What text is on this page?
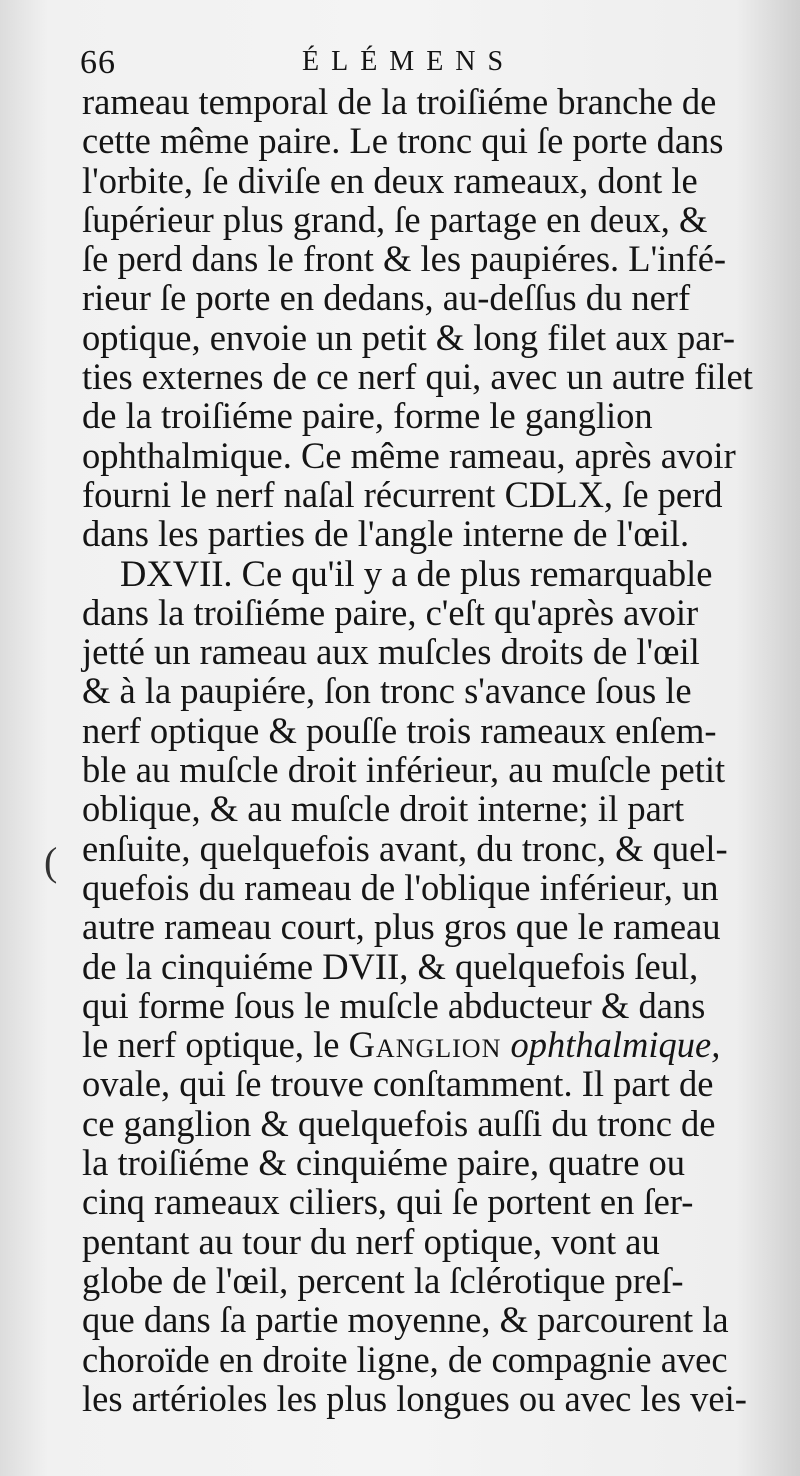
66	ÉLÉMENS
(
rameau temporal de la troiſiéme branche de
cette même paire. Le tronc qui ſe porte dans
l'orbite, ſe diviſe en deux rameaux, dont le
ſupérieur plus grand, ſe partage en deux, &
ſe perd dans le front & les paupiéres. L'infé-
rieur ſe porte en dedans, au-deſſus du nerf
optique, envoie un petit & long filet aux par-
ties externes de ce nerf qui, avec un autre filet
de la troiſiéme paire, forme le ganglion
ophthalmique. Ce même rameau, après avoir
fourni le nerf naſal récurrent CDLX, ſe perd
dans les parties de l'angle interne de l'œil.
DXVII. Ce qu'il y a de plus remarquable
dans la troiſiéme paire, c'eſt qu'après avoir
jetté un rameau aux muſcles droits de l'œil
& à la paupiére, ſon tronc s'avance ſous le
nerf optique & pouſſe trois rameaux enſem-
ble au muſcle droit inférieur, au muſcle petit
oblique, & au muſcle droit interne; il part
enſuite, quelquefois avant, du tronc, & quel-
quefois du rameau de l'oblique inférieur, un
autre rameau court, plus gros que le rameau
de la cinquiéme DVII, & quelquefois ſeul,
qui forme ſous le muſcle abducteur & dans
le nerf optique, le Ganglion ophthalmique,
ovale, qui ſe trouve conſtamment. Il part de
ce ganglion & quelquefois auſſi du tronc de
la troiſiéme & cinquiéme paire, quatre ou
cinq rameaux ciliers, qui ſe portent en ſer-
pentant au tour du nerf optique, vont au
globe de l'œil, percent la ſclérotique preſ-
que dans ſa partie moyenne, & parcourent la
choroïde en droite ligne, de compagnie avec
les artérioles les plus longues ou avec les vei-
